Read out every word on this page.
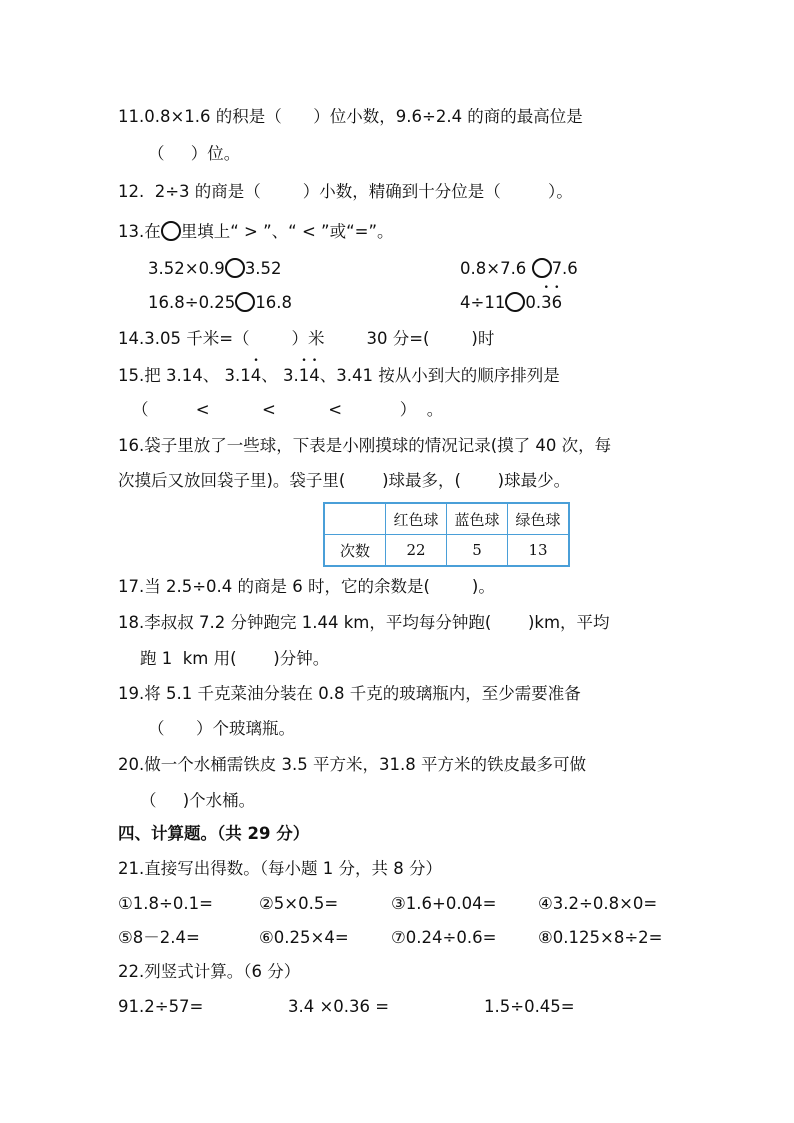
11.0.8×1.6 的积是（      ）位小数，9.6÷2.4 的商的最高位是
（     ）位。
12.  2÷3 的商是（        ）小数，精确到十分位是（         ）。
13.在 里填上“ > ”、“ < ”或“=”。
3.52×0.9 3.52	0.8×7.6 7.6
16.8÷0.25 16.8	4÷11 0.• 3• 6
14.3.05 千米=（        ）米        30 分=(        )时
15.把 3.14、 3.1• 4、 3.• 1• 4、3.41 按从小到大的顺序排列是
（         <          <          <           ）  。
16.袋子里放了一些球，下表是小刚摸球的情况记录(摸了 40 次，每
次摸后又放回袋子里)。袋子里(       )球最多，(       )球最少。
	红色球	蓝色球	绿色球
次数	22	5	13
17.当 2.5÷0.4 的商是 6 时，它的余数是(        )。
18.李叔叔 7.2 分钟跑完 1.44 km，平均每分钟跑(       )km，平均
跑 1  km 用(       )分钟。
19.将 5.1 千克菜油分装在 0.8 千克的玻璃瓶内，至少需要准备
（      ）个玻璃瓶。
20.做一个水桶需铁皮 3.5 平方米，31.8 平方米的铁皮最多可做
（     )个水桶。
四、计算题。（共 29 分）
21.直接写出得数。（每小题 1 分，共 8 分）
①1.8÷0.1=	②5×0.5=	③1.6+0.04=	④3.2÷0.8×0=
⑤8－2.4=	⑥0.25×4=	⑦0.24÷0.6=	⑧0.125×8÷2=
22.列竖式计算。（6 分）
91.2÷57=	3.4 ×0.36 =	1.5÷0.45=
